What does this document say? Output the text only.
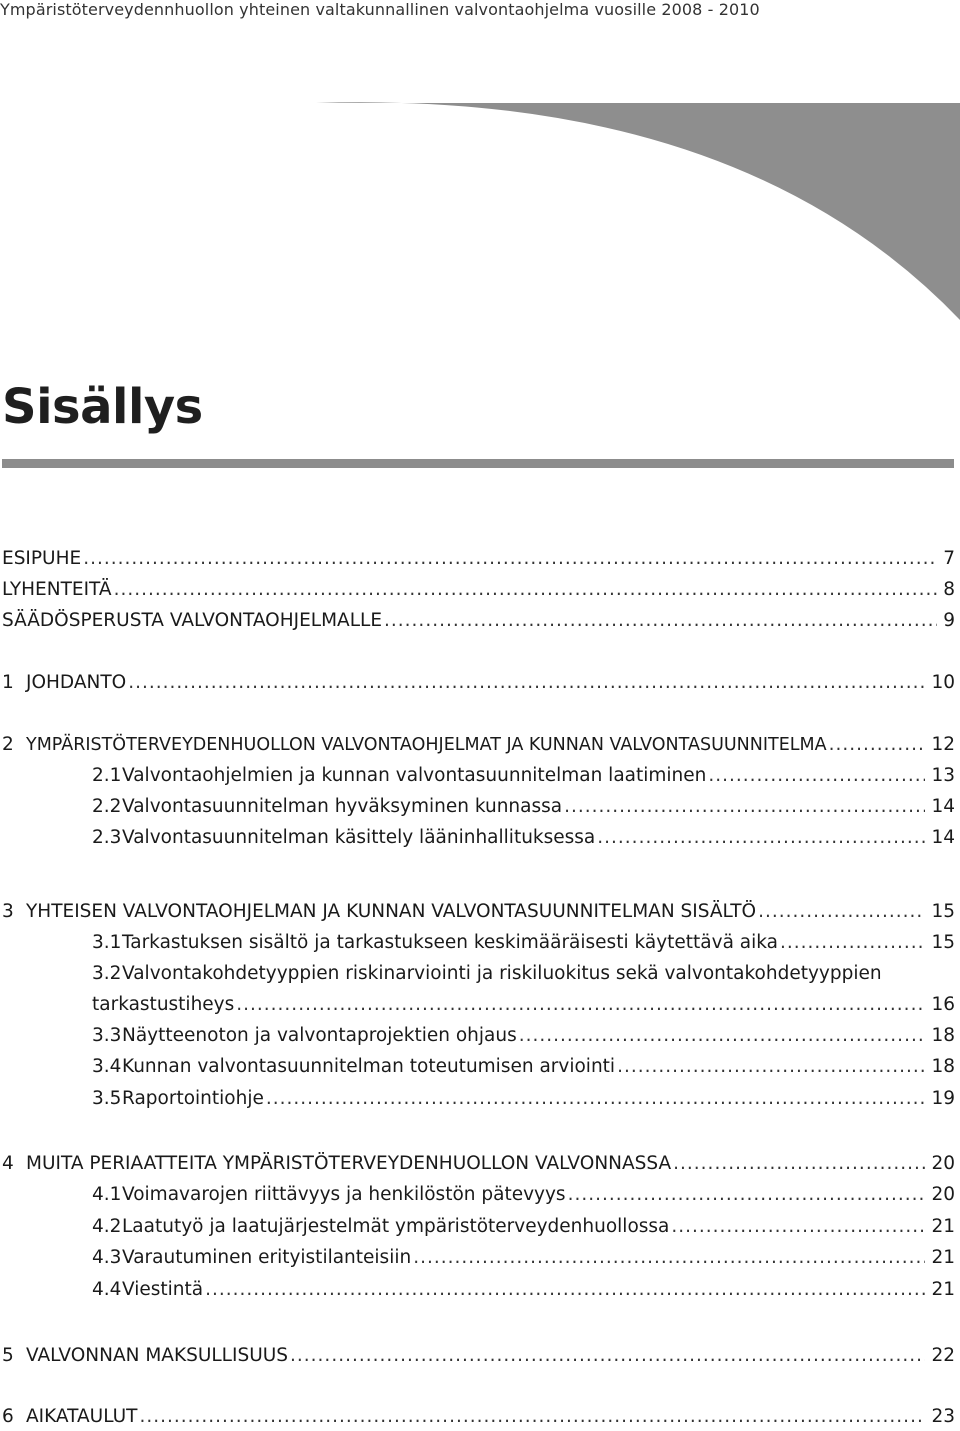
Ympäristöterveydennhuollon yhteinen valtakunnallinen valvontaohjelma vuosille 2008 - 2010
Sisällys
ESIPUHE .....	7
LYHENTEITÄ .....	8
SÄÄDÖSPERUSTA VALVONTAOHJELMALLE .....	9
1 JOHDANTO .....	10
2 YMPÄRISTÖTERVEYDENHUOLLON VALVONTAOHJELMAT JA KUNNAN VALVONTASUUNNITELMA .....	12
2.1 Valvontaohjelmien ja kunnan valvontasuunnitelman laatiminen .....	13
2.2 Valvontasuunnitelman hyväksyminen kunnassa .....	14
2.3 Valvontasuunnitelman käsittely lääninhallituksessa .....	14
3 YHTEISEN VALVONTAOHJELMAN JA KUNNAN VALVONTASUUNNITELMAN SISÄLTÖ .....	15
3.1 Tarkastuksen sisältö ja tarkastukseen keskimääräisesti käytettävä aika .....	15
3.2 Valvontakohdetyyppien riskinarviointi ja riskiluokitus sekä valvontakohdetyyppien
tarkastustiheys .....	16
3.3 Näytteenoton ja valvontaprojektien ohjaus .....	18
3.4 Kunnan valvontasuunnitelman toteutumisen arviointi .....	18
3.5 Raportointiohje .....	19
4 MUITA PERIAATTEITA YMPÄRISTÖTERVEYDENHUOLLON VALVONNASSA .....	20
4.1 Voimavarojen riittävyys ja henkilöstön pätevyys .....	20
4.2 Laatutyö ja laatujärjestelmät ympäristöterveydenhuollossa .....	21
4.3 Varautuminen erityistilanteisiin .....	21
4.4 Viestintä .....	21
5 VALVONNAN MAKSULLISUUS .....	22
6 AIKATAULUT .....	23
